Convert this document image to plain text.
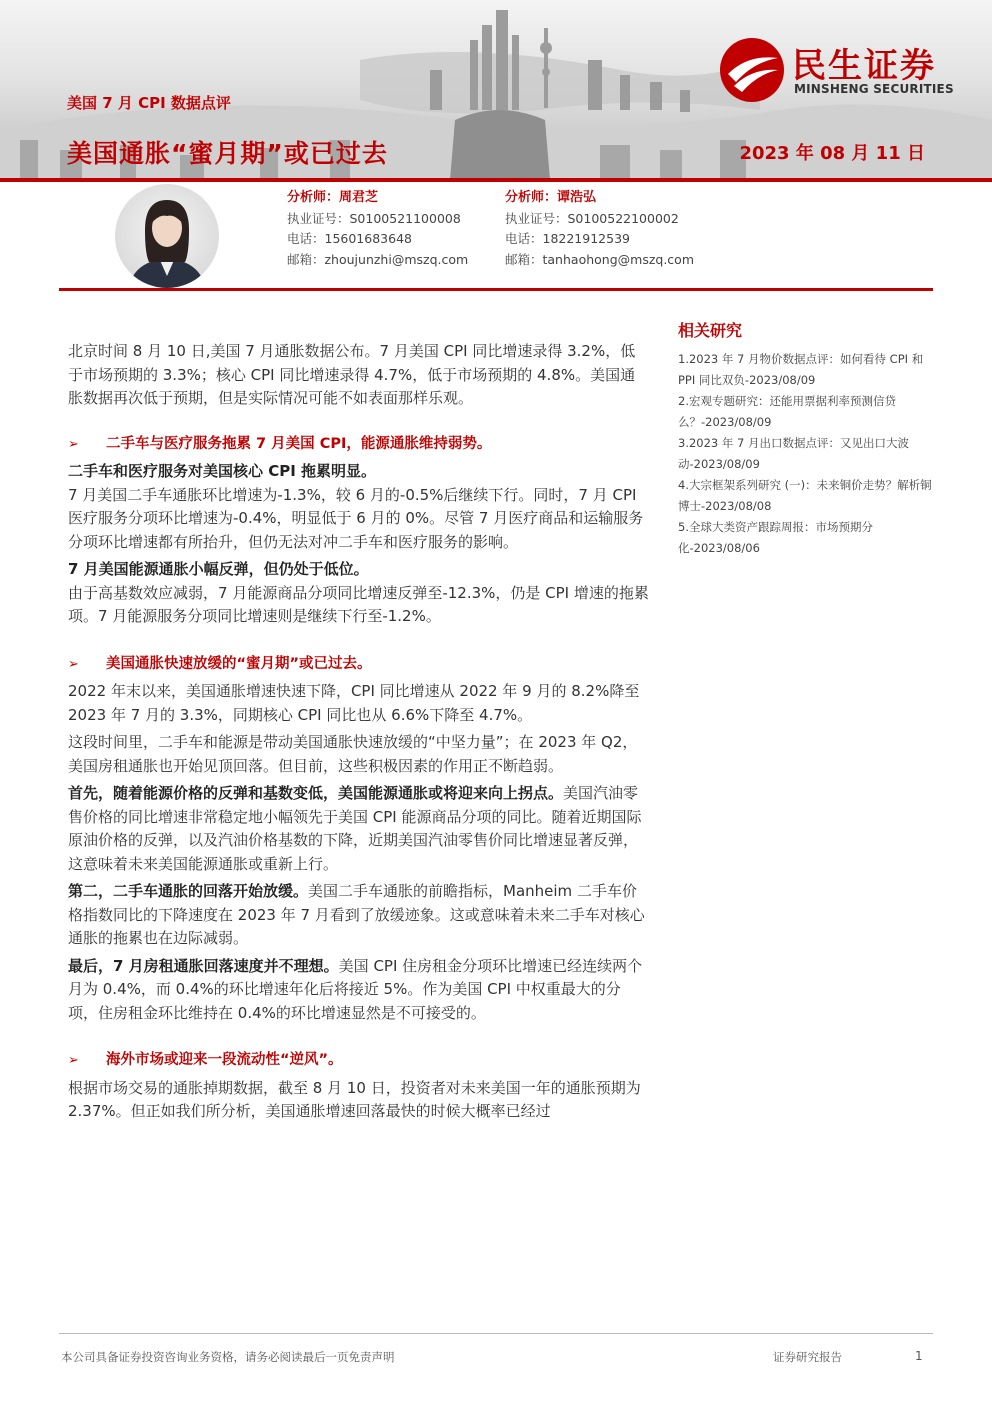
美国 7 月 CPI 数据点评
美国通胀“蜜月期”或已过去	2023 年 08 月 11 日
民生证券
MINSHENG SECURITIES
分析师：周君芝
执业证号：S0100521100008
电话：15601683648
邮箱：zhoujunzhi@mszq.com
分析师：谭浩弘
执业证号：S0100522100002
电话：18221912539
邮箱：tanhaohong@mszq.com

北京时间 8 月 10 日,美国 7 月通胀数据公布。7 月美国 CPI 同比增速录得 3.2%，低于市场预期的 3.3%；核心 CPI 同比增速录得 4.7%，低于市场预期的 4.8%。美国通胀数据再次低于预期，但是实际情况可能不如表面那样乐观。

➢	二手车与医疗服务拖累 7 月美国 CPI，能源通胀维持弱势。

二手车和医疗服务对美国核心 CPI 拖累明显。

7 月美国二手车通胀环比增速为-1.3%，较 6 月的-0.5%后继续下行。同时，7 月 CPI 医疗服务分项环比增速为-0.4%，明显低于 6 月的 0%。尽管 7 月医疗商品和运输服务分项环比增速都有所抬升，但仍无法对冲二手车和医疗服务的影响。

7 月美国能源通胀小幅反弹，但仍处于低位。

由于高基数效应减弱，7 月能源商品分项同比增速反弹至-12.3%，仍是 CPI 增速的拖累项。7 月能源服务分项同比增速则是继续下行至-1.2%。

➢	美国通胀快速放缓的“蜜月期”或已过去。

2022 年末以来，美国通胀增速快速下降，CPI 同比增速从 2022 年 9 月的 8.2%降至 2023 年 7 月的 3.3%，同期核心 CPI 同比也从 6.6%下降至 4.7%。

这段时间里，二手车和能源是带动美国通胀快速放缓的“中坚力量”；在 2023 年 Q2，美国房租通胀也开始见顶回落。但目前，这些积极因素的作用正不断趋弱。

首先，随着能源价格的反弹和基数变低，美国能源通胀或将迎来向上拐点。美国汽油零售价格的同比增速非常稳定地小幅领先于美国 CPI 能源商品分项的同比。随着近期国际原油价格的反弹，以及汽油价格基数的下降，近期美国汽油零售价同比增速显著反弹，这意味着未来美国能源通胀或重新上行。

第二，二手车通胀的回落开始放缓。美国二手车通胀的前瞻指标，Manheim 二手车价格指数同比的下降速度在 2023 年 7 月看到了放缓迹象。这或意味着未来二手车对核心通胀的拖累也在边际减弱。

最后，7 月房租通胀回落速度并不理想。美国 CPI 住房租金分项环比增速已经连续两个月为 0.4%，而 0.4%的环比增速年化后将接近 5%。作为美国 CPI 中权重最大的分项，住房租金环比维持在 0.4%的环比增速显然是不可接受的。

➢	海外市场或迎来一段流动性“逆风”。

根据市场交易的通胀掉期数据，截至 8 月 10 日，投资者对未来美国一年的通胀预期为 2.37%。但正如我们所分析，美国通胀增速回落最快的时候大概率已经过

相关研究
1.2023 年 7 月物价数据点评：如何看待 CPI 和 PPI 同比双负-2023/08/09
2.宏观专题研究：还能用票据利率预测信贷么？-2023/08/09
3.2023 年 7 月出口数据点评：又见出口大波动-2023/08/09
4.大宗框架系列研究 (一)：未来铜价走势？解析铜博士-2023/08/08
5.全球大类资产跟踪周报：市场预期分化-2023/08/06
本公司具备证券投资咨询业务资格，请务必阅读最后一页免责声明	证券研究报告	1
